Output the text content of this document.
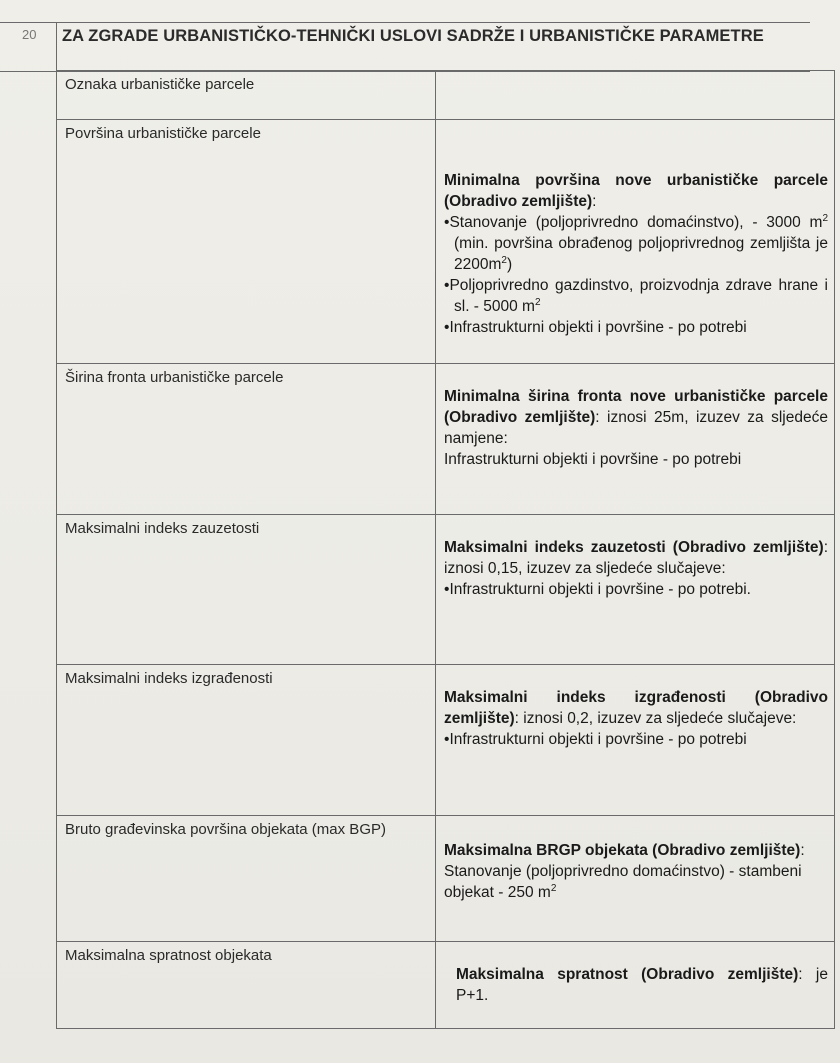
20 ZA ZGRADE URBANISTIČKO-TEHNIČKI USLOVI SADRŽE I URBANISTIČKE PARAMETRE
Oznaka urbanističke parcele	
Površina urbanističke parcele	Minimalna površina nove urbanističke parcele (Obradivo zemljište):
•Stanovanje (poljoprivredno domaćinstvo), - 3000 $m^2$ (min. površina obrađenog poljoprivrednog zemljišta je $2200m^2$)
•Poljoprivredno gazdinstvo, proizvodnja zdrave hrane i sl. - 5000 $m^2$
•Infrastrukturni objekti i površine - po potrebi

Širina fronta urbanističke parcele	Minimalna širina fronta nove urbanističke parcele (Obradivo zemljište): iznosi 25m, izuzev za sljedeće namjene:
Infrastrukturni objekti i površine - po potrebi

Maksimalni indeks zauzetosti	Maksimalni indeks zauzetosti (Obradivo zemljište): iznosi 0,15, izuzev za sljedeće slučajeve:
•Infrastrukturni objekti i površine - po potrebi.

Maksimalni indeks izgrađenosti	Maksimalni indeks izgrađenosti (Obradivo zemljište): iznosi 0,2, izuzev za sljedeće slučajeve:
•Infrastrukturni objekti i površine - po potrebi

Bruto građevinska površina objekata (max BGP)	Maksimalna BRGP objekata (Obradivo zemljište): Stanovanje (poljoprivredno domaćinstvo) - stambeni objekat - 250 $m^2$

Maksimalna spratnost objekata	Maksimalna spratnost (Obradivo zemljište): je P+1.
